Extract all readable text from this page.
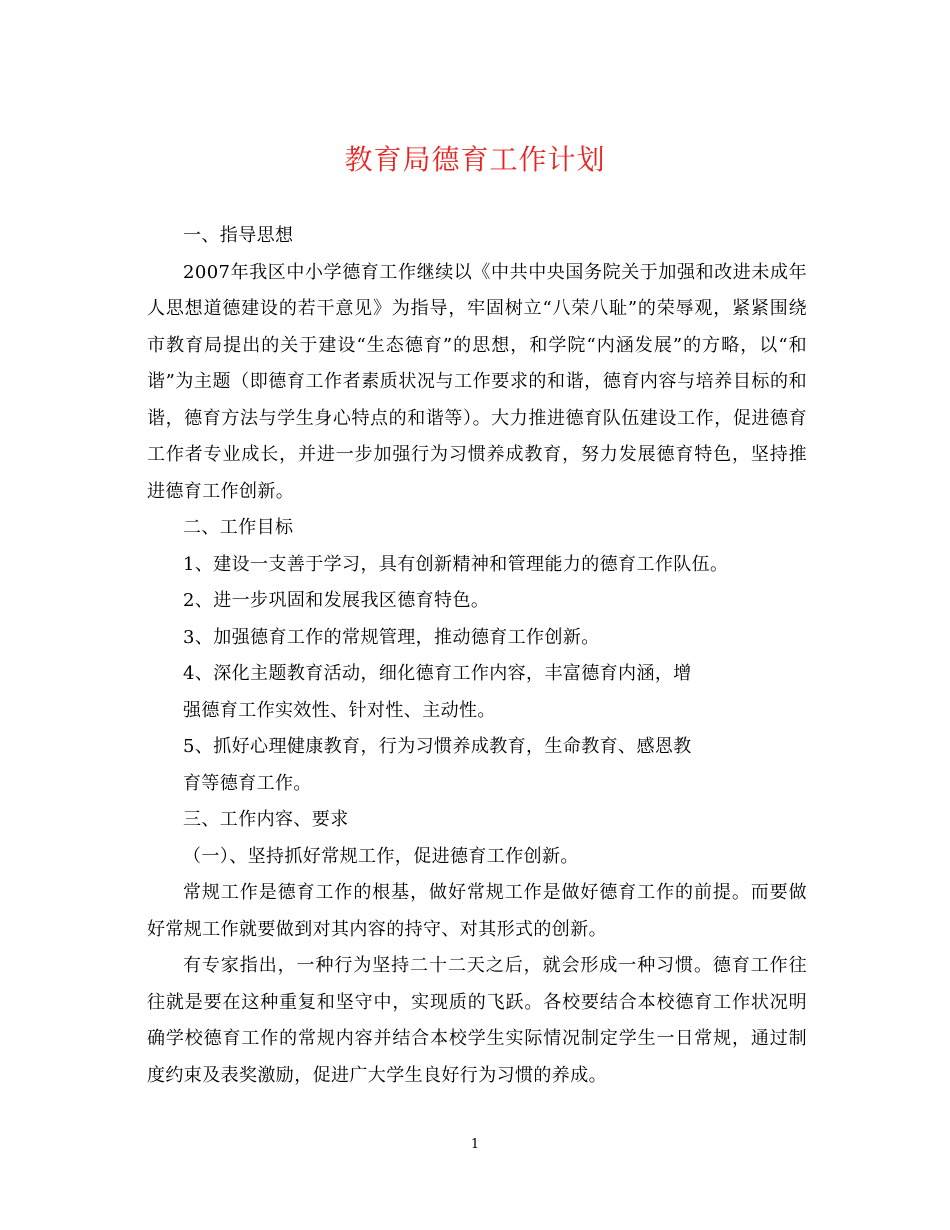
教育局德育工作计划

一、指导思想

2007年我区中小学德育工作继续以《中共中央国务院关于加强和改进未成年人思想道德建设的若干意见》为指导，牢固树立“八荣八耻”的荣辱观，紧紧围绕市教育局提出的关于建设“生态德育”的思想，和学院“内涵发展”的方略，以“和谐”为主题（即德育工作者素质状况与工作要求的和谐，德育内容与培养目标的和谐，德育方法与学生身心特点的和谐等）。大力推进德育队伍建设工作，促进德育工作者专业成长，并进一步加强行为习惯养成教育，努力发展德育特色，坚持推进德育工作创新。

二、工作目标

1、建设一支善于学习，具有创新精神和管理能力的德育工作队伍。

2、进一步巩固和发展我区德育特色。

3、加强德育工作的常规管理，推动德育工作创新。

4、深化主题教育活动，细化德育工作内容，丰富德育内涵，增

强德育工作实效性、针对性、主动性。

5、抓好心理健康教育，行为习惯养成教育，生命教育、感恩教

育等德育工作。

三、工作内容、要求

（一）、坚持抓好常规工作，促进德育工作创新。

常规工作是德育工作的根基，做好常规工作是做好德育工作的前提。而要做好常规工作就要做到对其内容的持守、对其形式的创新。

有专家指出，一种行为坚持二十二天之后，就会形成一种习惯。德育工作往往就是要在这种重复和坚守中，实现质的飞跃。各校要结合本校德育工作状况明确学校德育工作的常规内容并结合本校学生实际情况制定学生一日常规，通过制度约束及表奖激励，促进广大学生良好行为习惯的养成。

1
